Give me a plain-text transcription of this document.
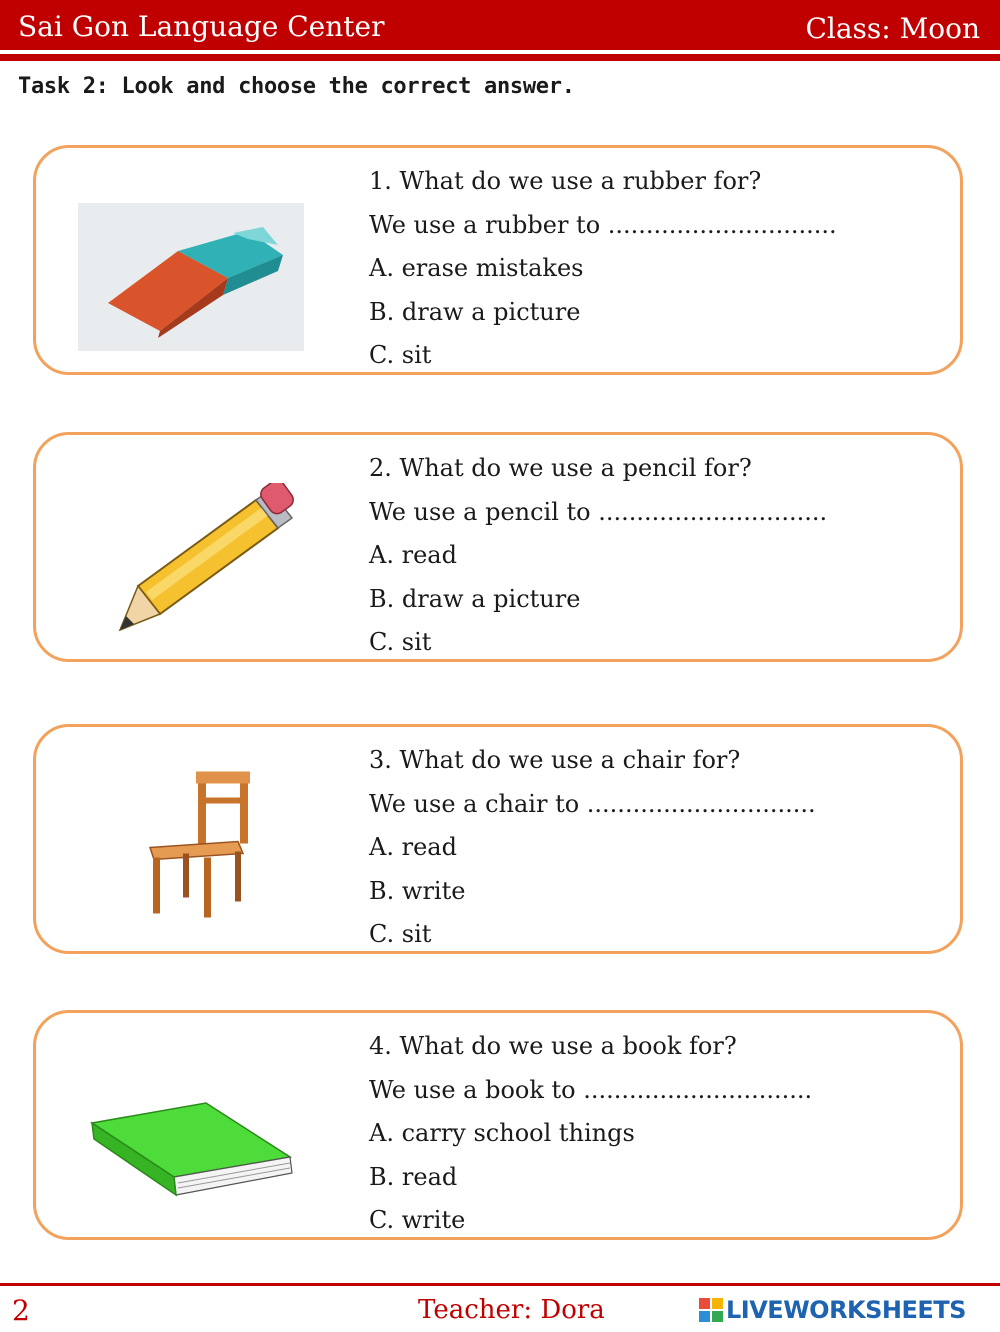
Sai Gon Language Center	Class: Moon
Task 2: Look and choose the correct answer.
1. What do we use a rubber for?
We use a rubber to ..............................
A. erase mistakes
B. draw a picture
C. sit
2. What do we use a pencil for?
We use a pencil to ..............................
A. read
B. draw a picture
C. sit
3. What do we use a chair for?
We use a chair to ..............................
A. read
B. write
C. sit
4. What do we use a book for?
We use a book to ..............................
A. carry school things
B. read
C. write
2	Teacher: Dora	LIVEWORKSHEETS
